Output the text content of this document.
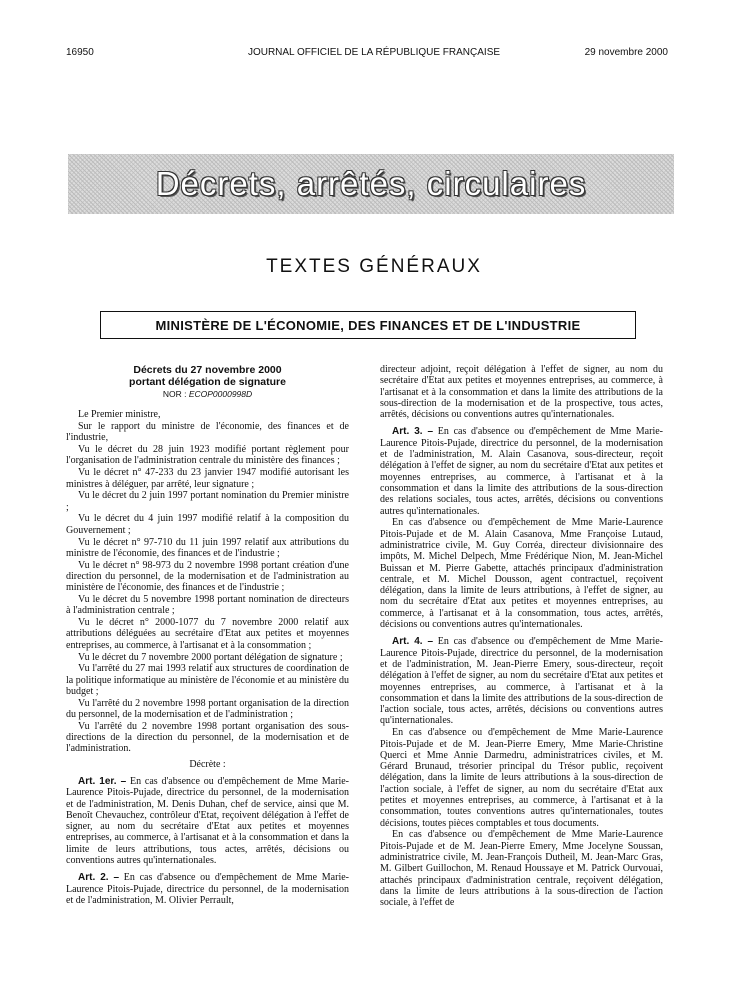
16950	JOURNAL OFFICIEL DE LA RÉPUBLIQUE FRANÇAISE	29 novembre 2000
Décrets, arrêtés, circulaires
TEXTES GÉNÉRAUX
MINISTÈRE DE L'ÉCONOMIE, DES FINANCES ET DE L'INDUSTRIE
Décrets du 27 novembre 2000
portant délégation de signature
NOR : ECOP0000998D

Le Premier ministre,

Sur le rapport du ministre de l'économie, des finances et de l'industrie,

Vu le décret du 28 juin 1923 modifié portant règlement pour l'organisation de l'administration centrale du ministère des finances ;

Vu le décret n° 47-233 du 23 janvier 1947 modifié autorisant les ministres à déléguer, par arrêté, leur signature ;

Vu le décret du 2 juin 1997 portant nomination du Premier ministre ;

Vu le décret du 4 juin 1997 modifié relatif à la composition du Gouvernement ;

Vu le décret n° 97-710 du 11 juin 1997 relatif aux attributions du ministre de l'économie, des finances et de l'industrie ;

Vu le décret n° 98-973 du 2 novembre 1998 portant création d'une direction du personnel, de la modernisation et de l'administration au ministère de l'économie, des finances et de l'industrie ;

Vu le décret du 5 novembre 1998 portant nomination de directeurs à l'administration centrale ;

Vu le décret n° 2000-1077 du 7 novembre 2000 relatif aux attributions déléguées au secrétaire d'Etat aux petites et moyennes entreprises, au commerce, à l'artisanat et à la consommation ;

Vu le décret du 7 novembre 2000 portant délégation de signature ;

Vu l'arrêté du 27 mai 1993 relatif aux structures de coordination de la politique informatique au ministère de l'économie et au ministère du budget ;

Vu l'arrêté du 2 novembre 1998 portant organisation de la direction du personnel, de la modernisation et de l'administration ;

Vu l'arrêté du 2 novembre 1998 portant organisation des sous-directions de la direction du personnel, de la modernisation et de l'administration.

Décrète :

Art. 1er. – En cas d'absence ou d'empêchement de Mme Marie-Laurence Pitois-Pujade, directrice du personnel, de la modernisation et de l'administration, M. Denis Duhan, chef de service, ainsi que M. Benoît Chevauchez, contrôleur d'Etat, reçoivent délégation à l'effet de signer, au nom du secrétaire d'Etat aux petites et moyennes entreprises, au commerce, à l'artisanat et à la consommation et dans la limite de leurs attributions, tous actes, arrêtés, décisions ou conventions autres qu'internationales.

Art. 2. – En cas d'absence ou d'empêchement de Mme Marie-Laurence Pitois-Pujade, directrice du personnel, de la modernisation et de l'administration, M. Olivier Perrault,

directeur adjoint, reçoit délégation à l'effet de signer, au nom du secrétaire d'Etat aux petites et moyennes entreprises, au commerce, à l'artisanat et à la consommation et dans la limite des attributions de la sous-direction de la modernisation et de la prospective, tous actes, arrêtés, décisions ou conventions autres qu'internationales.

Art. 3. – En cas d'absence ou d'empêchement de Mme Marie-Laurence Pitois-Pujade, directrice du personnel, de la modernisation et de l'administration, M. Alain Casanova, sous-directeur, reçoit délégation à l'effet de signer, au nom du secrétaire d'Etat aux petites et moyennes entreprises, au commerce, à l'artisanat et à la consommation et dans la limite des attributions de la sous-direction des relations sociales, tous actes, arrêtés, décisions ou conventions autres qu'internationales.

En cas d'absence ou d'empêchement de Mme Marie-Laurence Pitois-Pujade et de M. Alain Casanova, Mme Françoise Lutaud, administratrice civile, M. Guy Corréa, directeur divisionnaire des impôts, M. Michel Delpech, Mme Frédérique Nion, M. Jean-Michel Buissan et M. Pierre Gabette, attachés principaux d'administration centrale, et M. Michel Dousson, agent contractuel, reçoivent délégation, dans la limite de leurs attributions, à l'effet de signer, au nom du secrétaire d'Etat aux petites et moyennes entreprises, au commerce, à l'artisanat et à la consommation, tous actes, arrêtés, décisions ou conventions autres qu'internationales.

Art. 4. – En cas d'absence ou d'empêchement de Mme Marie-Laurence Pitois-Pujade, directrice du personnel, de la modernisation et de l'administration, M. Jean-Pierre Emery, sous-directeur, reçoit délégation à l'effet de signer, au nom du secrétaire d'Etat aux petites et moyennes entreprises, au commerce, à l'artisanat et à la consommation et dans la limite des attributions de la sous-direction de l'action sociale, tous actes, arrêtés, décisions ou conventions autres qu'internationales.

En cas d'absence ou d'empêchement de Mme Marie-Laurence Pitois-Pujade et de M. Jean-Pierre Emery, Mme Marie-Christine Querci et Mme Annie Darmedru, administratrices civiles, et M. Gérard Brunaud, trésorier principal du Trésor public, reçoivent délégation, dans la limite de leurs attributions à la sous-direction de l'action sociale, à l'effet de signer, au nom du secrétaire d'Etat aux petites et moyennes entreprises, au commerce, à l'artisanat et à la consommation, toutes conventions autres qu'internationales, toutes décisions, toutes pièces comptables et tous documents.

En cas d'absence ou d'empêchement de Mme Marie-Laurence Pitois-Pujade et de M. Jean-Pierre Emery, Mme Jocelyne Soussan, administratrice civile, M. Jean-François Dutheil, M. Jean-Marc Gras, M. Gilbert Guillochon, M. Renaud Houssaye et M. Patrick Ourvouai, attachés principaux d'administration centrale, reçoivent délégation, dans la limite de leurs attributions à la sous-direction de l'action sociale, à l'effet de
